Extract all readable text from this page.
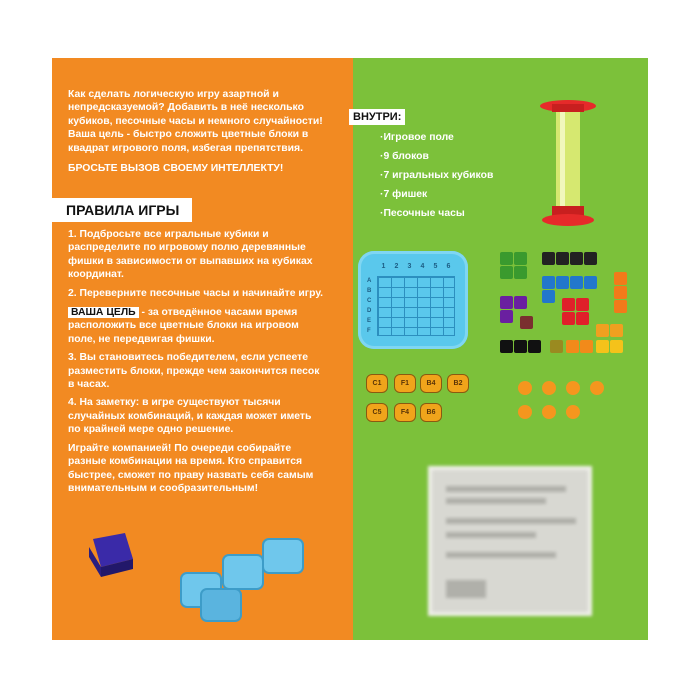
Как сделать логическую игру азартной и

непредсказуемой? Добавить в неё несколько

кубиков, песочные часы и немного случайности!

Ваша цель - быстро сложить цветные блоки в

квадрат игрового поля, избегая препятствия.

БРОСЬТЕ ВЫЗОВ СВОЕМУ ИНТЕЛЛЕКТУ!

ПРАВИЛА ИГРЫ

1. Подбросьте все игральные кубики и

распределите по игровому полю деревянные

фишки в зависимости от выпавших на кубиках

координат.

2. Переверните песочные часы и начинайте игру.

ВАША ЦЕЛЬ - за отведённое часами время

расположить все цветные блоки на игровом

поле, не передвигая фишки.

3. Вы становитесь победителем, если успеете

разместить блоки, прежде чем закончится песок

в часах.

4. На заметку: в игре существуют тысячи

случайных комбинаций, и каждая может иметь

по крайней мере одно решение.

Играйте компанией! По очереди собирайте

разные комбинации на время. Кто справится

быстрее, сможет по праву назвать себя самым

внимательным и сообразительным!

ВНУТРИ:
·Игровое поле
·9 блоков
·7 игральных кубиков
·7 фишек
·Песочные часы
1	2	3	4	5	6
A
B
C
D
E
F
C1	F1	B4	B2
C5	F4	B6
